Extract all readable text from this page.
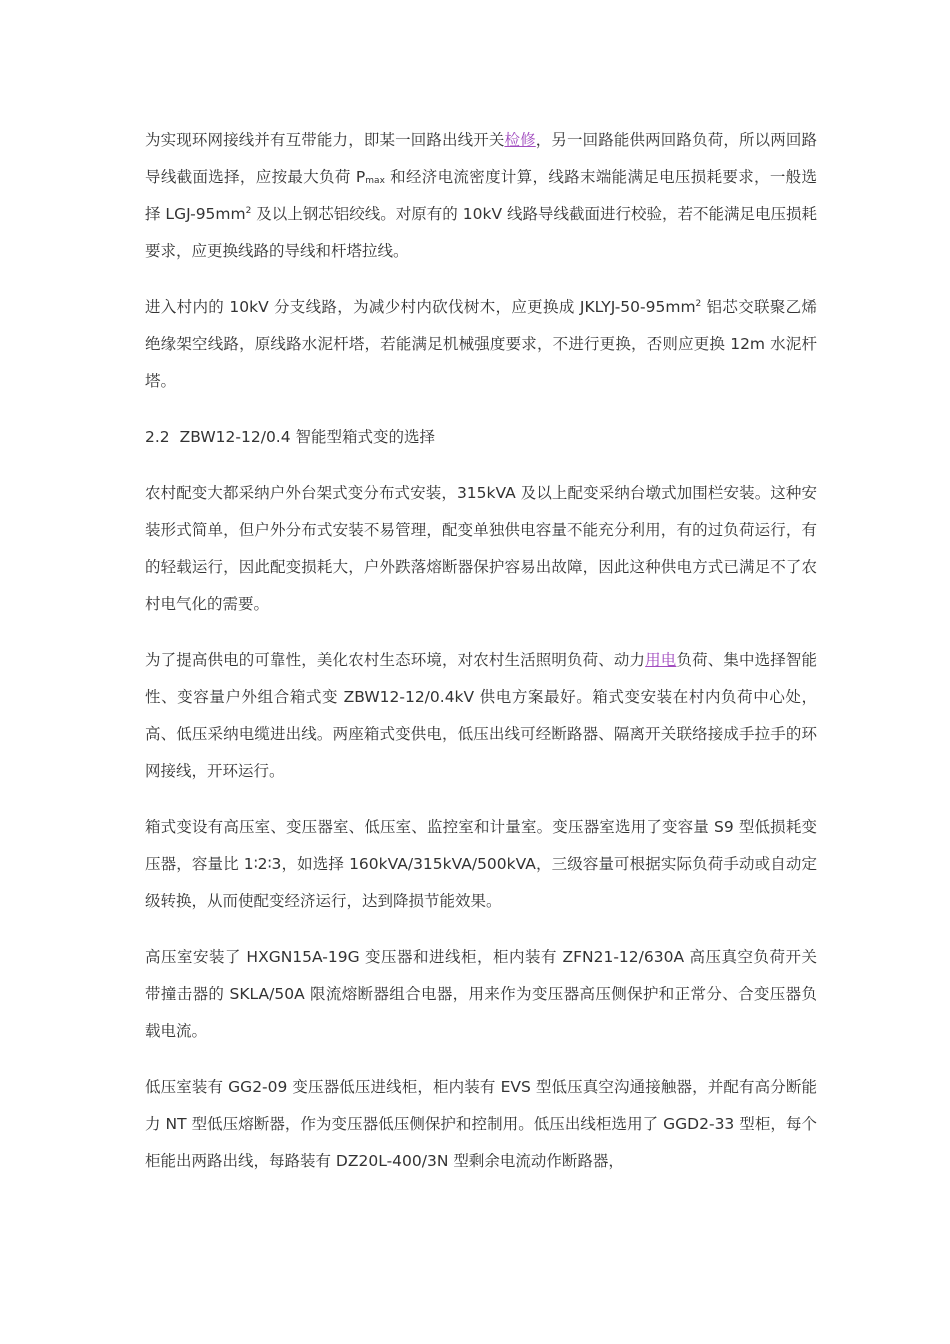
为实现环网接线并有互带能力，即某一回路出线开关检修，另一回路能供两回路负荷，所以两回路导线截面选择，应按最大负荷 $P_{max}$ 和经济电流密度计算，线路末端能满足电压损耗要求，一般选择 LGJ-$95mm^2$ 及以上钢芯铝绞线。对原有的 10kV 线路导线截面进行校验，若不能满足电压损耗要求，应更换线路的导线和杆塔拉线。

进入村内的 10kV 分支线路，为减少村内砍伐树木，应更换成 JKLYJ-$50-95mm^2$ 铝芯交联聚乙烯绝缘架空线路，原线路水泥杆塔，若能满足机械强度要求，不进行更换，否则应更换 12m 水泥杆塔。

2.2 ZBW12-12/0.4 智能型箱式变的选择

农村配变大都采纳户外台架式变分布式安装，315kVA 及以上配变采纳台墩式加围栏安装。这种安装形式简单，但户外分布式安装不易管理，配变单独供电容量不能充分利用，有的过负荷运行，有的轻载运行，因此配变损耗大，户外跌落熔断器保护容易出故障，因此这种供电方式已满足不了农村电气化的需要。

为了提高供电的可靠性，美化农村生态环境，对农村生活照明负荷、动力用电负荷、集中选择智能性、变容量户外组合箱式变 ZBW12-12/0.4kV 供电方案最好。箱式变安装在村内负荷中心处，高、低压采纳电缆进出线。两座箱式变供电，低压出线可经断路器、隔离开关联络接成手拉手的环网接线，开环运行。

箱式变设有高压室、变压器室、低压室、监控室和计量室。变压器室选用了变容量 S9 型低损耗变压器，容量比 1∶2∶3，如选择 160kVA/315kVA/500kVA，三级容量可根据实际负荷手动或自动定级转换，从而使配变经济运行，达到降损节能效果。

高压室安装了 HXGN15A-19G 变压器和进线柜，柜内装有 ZFN21-12/630A 高压真空负荷开关带撞击器的 SKLA/50A 限流熔断器组合电器，用来作为变压器高压侧保护和正常分、合变压器负载电流。

低压室装有 GG2-09 变压器低压进线柜，柜内装有 EVS 型低压真空沟通接触器，并配有高分断能力 NT 型低压熔断器，作为变压器低压侧保护和控制用。低压出线柜选用了 GGD2-33 型柜，每个柜能出两路出线，每路装有 DZ20L-400/3N 型剩余电流动作断路器，
